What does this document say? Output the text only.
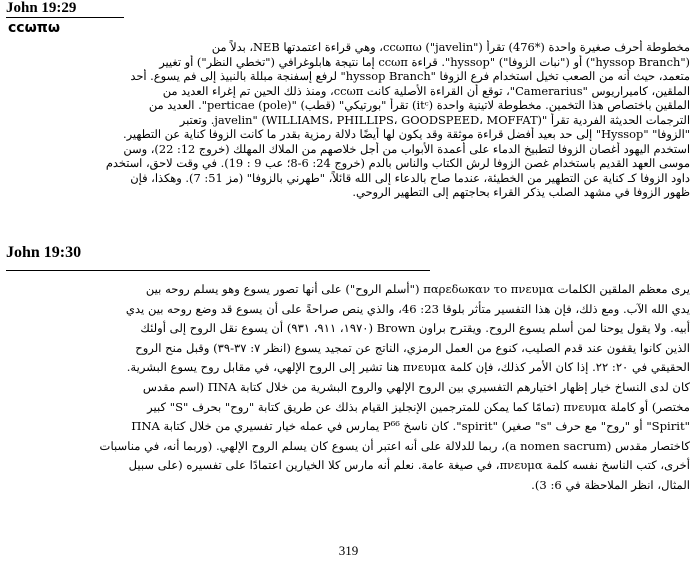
John 19:29
ϲϲωπω
مخطوطة أحرف صغيرة واحدة (*476) تقرأ ϲϲωπω ("javelin")، وهي قراءة اعتمدتها NEB، بدلاً من
("hyssop Branch") أو ("نبات الزوفا") "hyssop". قراءة ϲϲωπ إما نتيجة هابلوغرافي ("تخطي النظر") أو تغيير
متعمد، حيث أنه من الصعب تخيل استخدام فرع الزوفا "hyssop Branch" لرفع إسفنجة مبللة بالنبيذ إلى فم يسوع. أحد
الملقين، كاميراريوس "Camerarius"، توقع أن القراءة الأصلية كانت ϲϲωπ، ومنذ ذلك الحين تم إغراء العديد من
الملقين باختصاص هذا التخمين. مخطوطة لاتينية واحدة (itᶜ) تقرأ "بورتيكي" (قطب) "(perticae (pole". العديد من
الترجمات الحديثة الفردية تقرأ "javelin" (WILLIAMS، PHILLIPS، GOODSPEED، MOFFAT). وتعتبر
"الزوفا" "Hyssop" إلى حد بعيد أفضل قراءة موثقة وقد يكون لها أيضًا دلالة رمزية بقدر ما كانت الزوفا كناية عن التطهير.
استخدم اليهود أغصان الزوفا لتطبيخ الدماء على أعمدة الأبواب من أجل خلاصهم من الملاك المهلك (خروج 12: 22)، وسن
موسى العهد القديم باستخدام غصن الزوفا لرش الكتاب والناس بالدم (خروج 24: 6-8؛ عب 9 : 19). في وقت لاحق، استخدم
داود الزوفا كـ كناية عن التطهير من الخطيئة، عندما صاح بالدعاء إلى الله قائلاً، "طهرني بالزوفا" (مز 51: 7). وهكذا، فإن
ظهور الزوفا في مشهد الصلب يذكر القراء بحاجتهم إلى التطهير الروحي.
John 19:30
يرى معظم الملقين الكلمات παρεδωκαν το πνευμα ("أسلم الروح") على أنها تصور يسوع وهو يسلم روحه بين
يدي الله الآب. ومع ذلك، فإن هذا التفسير متأثر بلوقا 23: 46، والذي ينص صراحةً على أن يسوع قد وضع روحه بين يدي
أبيه. ولا يقول يوحنا لمن أسلم يسوع الروح. ويقترح براون Brown (١٩٧٠، ٩١١، ٩٣١) أن يسوع نقل الروح إلى أولئك
الذين كانوا يقفون عند قدم الصليب، كنوع من العمل الرمزي، الناتج عن تمجيد يسوع (انظر ٧: ٣٧-٣٩) وقبل منح الروح
الحقيقي في ٢٠: ٢٢. إذا كان الأمر كذلك، فإن كلمة πνευμα هنا تشير إلى الروح الإلهي، في مقابل روح يسوع البشرية.
كان لدى النساخ خيار إظهار اختيارهم التفسيري بين الروح الإلهي والروح البشرية من خلال كتابة ΠΝΑ (اسم مقدس
مختصر) أو كاملة πνευμα (تمامًا كما يمكن للمترجمين الإنجليز القيام بذلك عن طريق كتابة "روح" بحرف "S" كبير
"Spirit" أو "روح" مع حرف "s" صغير) "spirit". كان ناسخ P⁶⁶ يمارس في عمله خيار تفسيري من خلال كتابة ΠΝΑ
كاختصار مقدس (a nomen sacrum)، ربما للدلالة على أنه اعتبر أن يسوع كان يسلم الروح الإلهي. (وربما أنه، في مناسبات
أخرى، كتب الناسخ نفسه كلمة πνευμα، في صيغة عامة. نعلم أنه مارس كلا الخيارين اعتمادًا على تفسيره (على سبيل
المثال، انظر الملاحظة في 6: 3).
319
